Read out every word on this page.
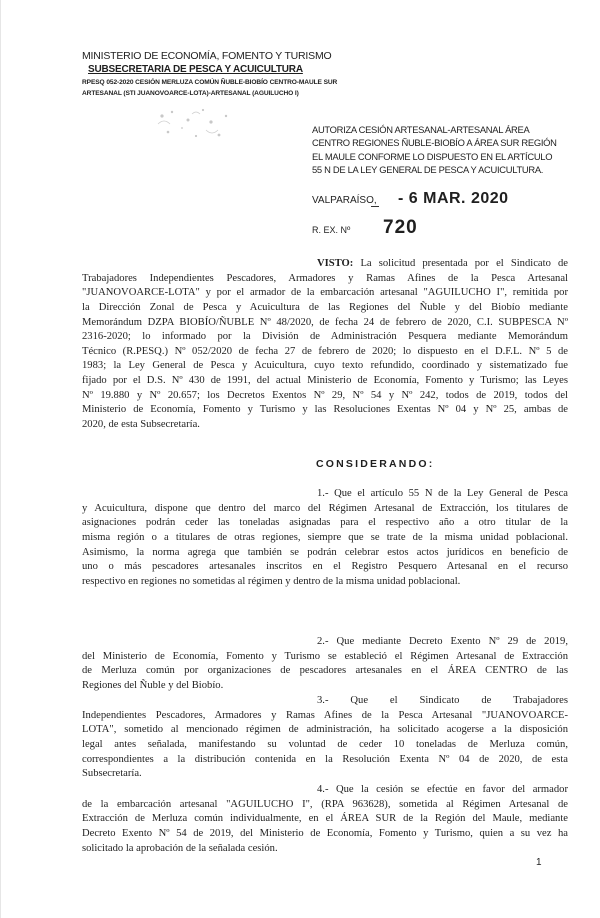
MINISTERIO DE ECONOMÍA, FOMENTO Y TURISMO
SUBSECRETARIA DE PESCA Y ACUICULTURA
RPESQ 052-2020 CESIÓN MERLUZA COMÚN ÑUBLE-BIOBÍO CENTRO-MAULE SUR
ARTESANAL (STI JUANOVOARCE-LOTA)-ARTESANAL (AGUILUCHO I)
AUTORIZA CESIÓN ARTESANAL-ARTESANAL ÁREA
CENTRO REGIONES ÑUBLE-BIOBÍO A ÁREA SUR REGIÓN
EL MAULE CONFORME LO DISPUESTO EN EL ARTÍCULO
55 N DE LA LEY GENERAL DE PESCA Y ACUICULTURA.
VALPARAÍSO, - 6 MAR. 2020
R. EX. Nº 720
VISTO: La solicitud presentada por el Sindicato de
Trabajadores Independientes Pescadores, Armadores y Ramas Afines de la Pesca Artesanal
"JUANOVOARCE-LOTA" y por el armador de la embarcación artesanal "AGUILUCHO I", remitida por
la Dirección Zonal de Pesca y Acuicultura de las Regiones del Ñuble y del Biobío mediante
Memorándum DZPA BIOBÍO/ÑUBLE Nº 48/2020, de fecha 24 de febrero de 2020, C.I. SUBPESCA Nº
2316-2020; lo informado por la División de Administración Pesquera mediante Memorándum
Técnico (R.PESQ.) Nº 052/2020 de fecha 27 de febrero de 2020; lo dispuesto en el D.F.L. Nº 5 de
1983; la Ley General de Pesca y Acuicultura, cuyo texto refundido, coordinado y sistematizado fue
fijado por el D.S. Nº 430 de 1991, del actual Ministerio de Economía, Fomento y Turismo; las Leyes
Nº 19.880 y Nº 20.657; los Decretos Exentos Nº 29, Nº 54 y Nº 242, todos de 2019, todos del
Ministerio de Economía, Fomento y Turismo y las Resoluciones Exentas Nº 04 y Nº 25, ambas de
2020, de esta Subsecretaría.
CONSIDERANDO:
1.- Que el artículo 55 N de la Ley General de Pesca
y Acuicultura, dispone que dentro del marco del Régimen Artesanal de Extracción, los titulares de
asignaciones podrán ceder las toneladas asignadas para el respectivo año a otro titular de la
misma región o a titulares de otras regiones, siempre que se trate de la misma unidad poblacional.
Asimismo, la norma agrega que también se podrán celebrar estos actos jurídicos en beneficio de
uno o más pescadores artesanales inscritos en el Registro Pesquero Artesanal en el recurso
respectivo en regiones no sometidas al régimen y dentro de la misma unidad poblacional.
2.- Que mediante Decreto Exento Nº 29 de 2019,
del Ministerio de Economía, Fomento y Turismo se estableció el Régimen Artesanal de Extracción
de Merluza común por organizaciones de pescadores artesanales en el ÁREA CENTRO de las
Regiones del Ñuble y del Biobío.
3.- Que el Sindicato de Trabajadores
Independientes Pescadores, Armadores y Ramas Afines de la Pesca Artesanal "JUANOVOARCE-
LOTA", sometido al mencionado régimen de administración, ha solicitado acogerse a la disposición
legal antes señalada, manifestando su voluntad de ceder 10 toneladas de Merluza común,
correspondientes a la distribución contenida en la Resolución Exenta Nº 04 de 2020, de esta
Subsecretaría.
4.- Que la cesión se efectúe en favor del armador
de la embarcación artesanal "AGUILUCHO I", (RPA 963628), sometida al Régimen Artesanal de
Extracción de Merluza común individualmente, en el ÁREA SUR de la Región del Maule, mediante
Decreto Exento Nº 54 de 2019, del Ministerio de Economía, Fomento y Turismo, quien a su vez ha
solicitado la aprobación de la señalada cesión.
1
